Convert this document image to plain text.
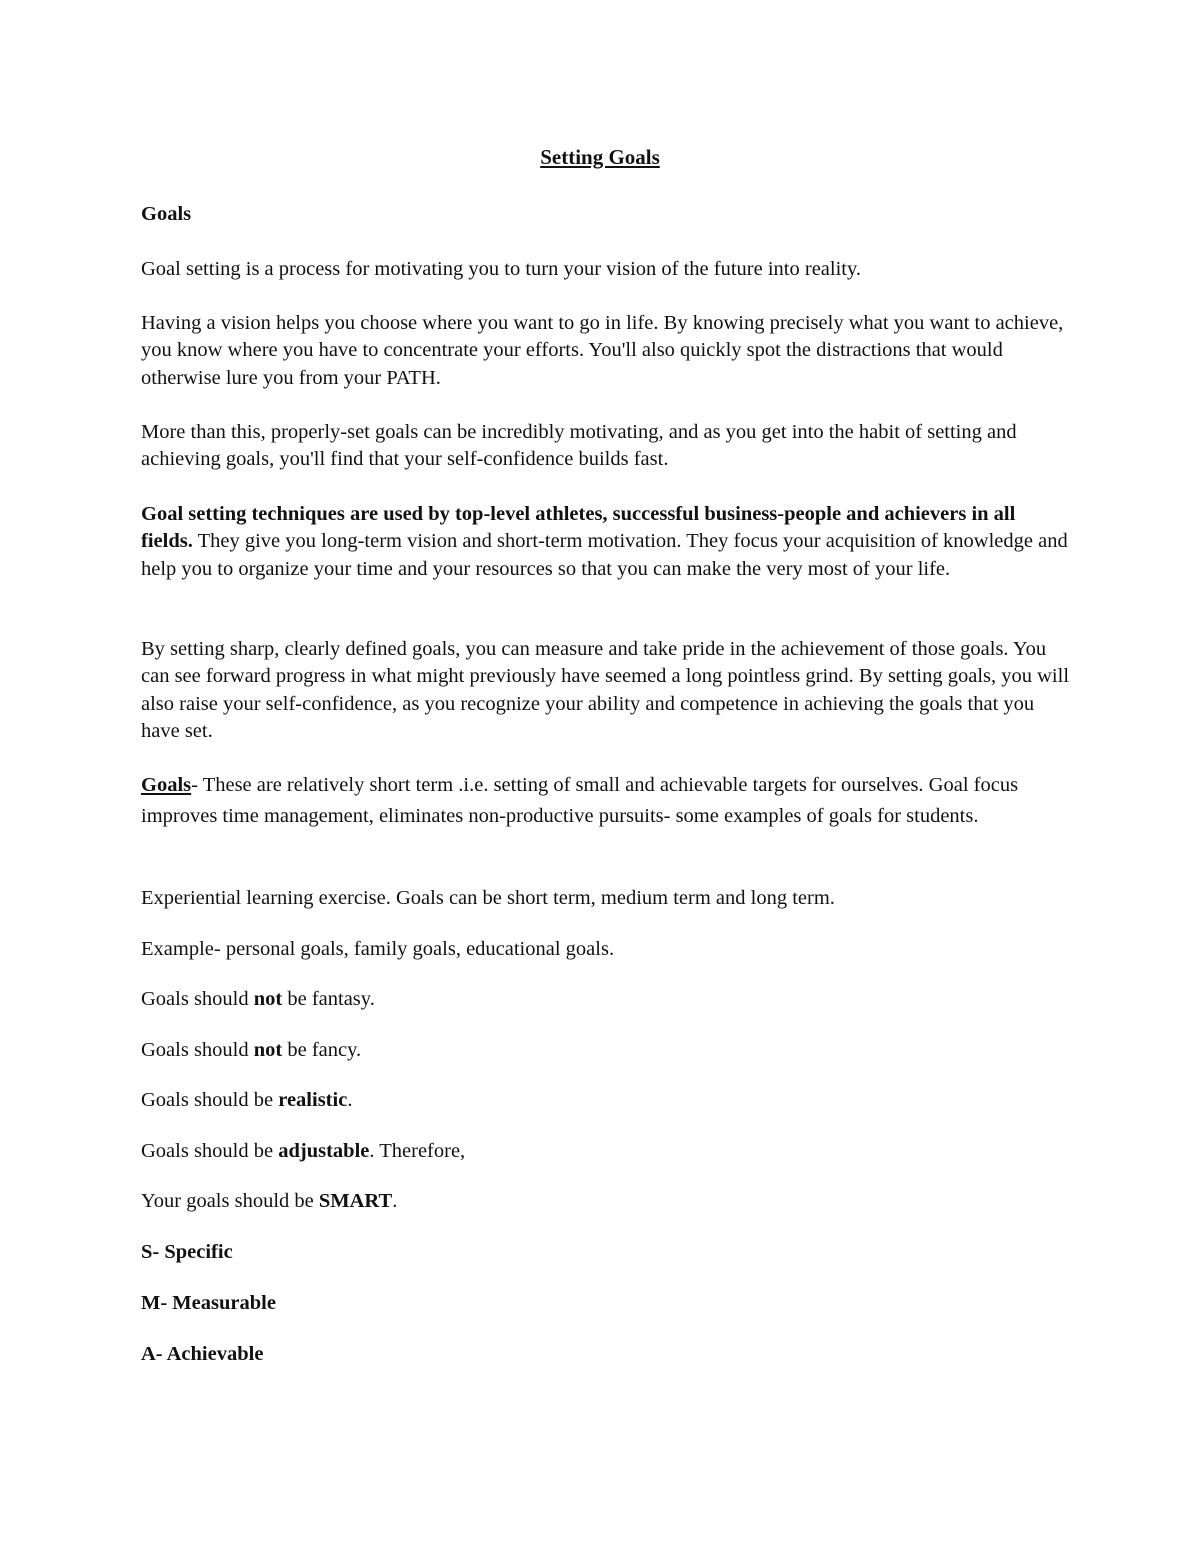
Setting Goals

Goals

Goal setting is a process for motivating you to turn your vision of the future into reality.

Having a vision helps you choose where you want to go in life. By knowing precisely what you want to achieve, you know where you have to concentrate your efforts. You'll also quickly spot the distractions that would otherwise lure you from your PATH.

More than this, properly-set goals can be incredibly motivating, and as you get into the habit of setting and achieving goals, you'll find that your self-confidence builds fast.

Goal setting techniques are used by top-level athletes, successful business-people and achievers in all fields. They give you long-term vision and short-term motivation. They focus your acquisition of knowledge and help you to organize your time and your resources so that you can make the very most of your life.

By setting sharp, clearly defined goals, you can measure and take pride in the achievement of those goals. You can see forward progress in what might previously have seemed a long pointless grind. By setting goals, you will also raise your self-confidence, as you recognize your ability and competence in achieving the goals that you have set.

Goals- These are relatively short term .i.e. setting of small and achievable targets for ourselves. Goal focus improves time management, eliminates non-productive pursuits- some examples of goals for students.

Experiential learning exercise. Goals can be short term, medium term and long term.

Example- personal goals, family goals, educational goals.

Goals should not be fantasy.

Goals should not be fancy.

Goals should be realistic.

Goals should be adjustable. Therefore,

Your goals should be SMART.

S- Specific

M- Measurable

A- Achievable
